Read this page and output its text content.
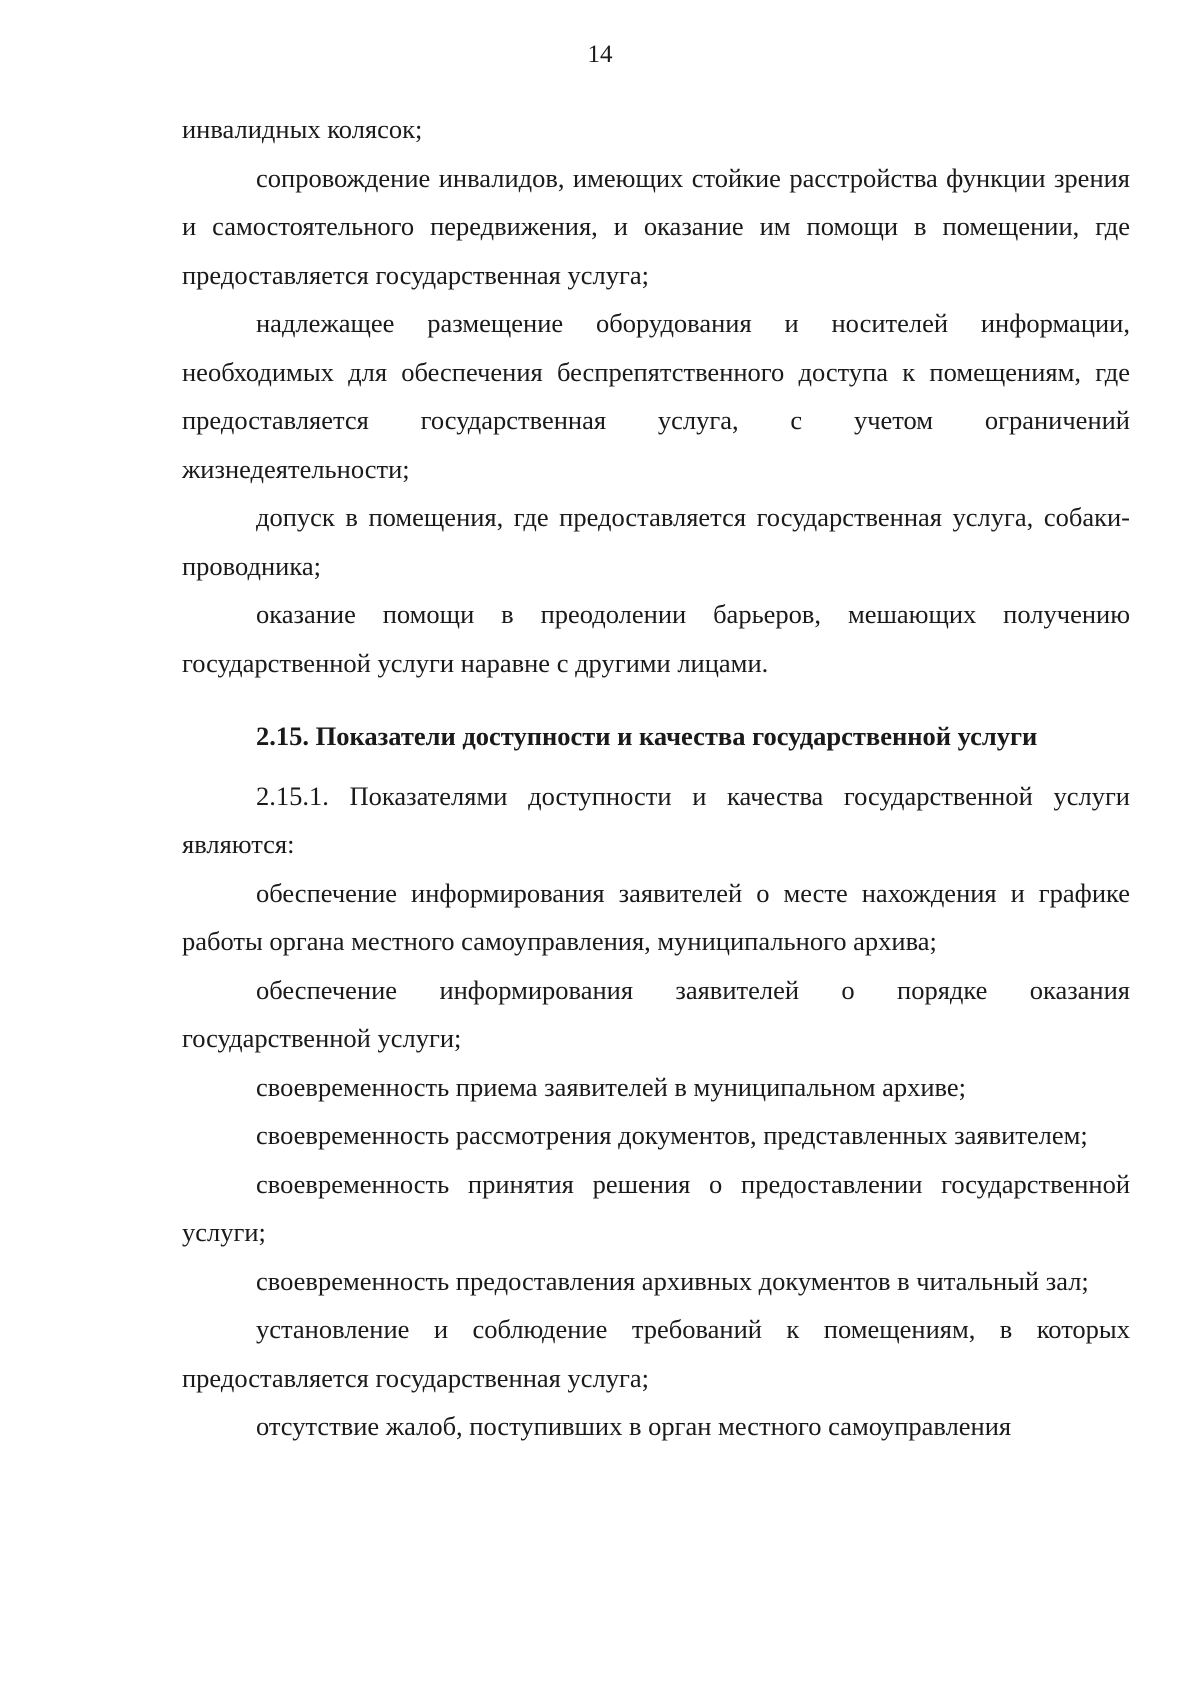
14

инвалидных колясок;

сопровождение инвалидов, имеющих стойкие расстройства функции зрения и самостоятельного передвижения, и оказание им помощи в помещении, где предоставляется государственная услуга;

надлежащее размещение оборудования и носителей информации, необходимых для обеспечения беспрепятственного доступа к помещениям, где предоставляется государственная услуга, с учетом ограничений жизнедеятельности;

допуск в помещения, где предоставляется государственная услуга, собаки-проводника;

оказание помощи в преодолении барьеров, мешающих получению государственной услуги наравне с другими лицами.

2.15. Показатели доступности и качества государственной услуги

2.15.1. Показателями доступности и качества государственной услуги являются:

обеспечение информирования заявителей о месте нахождения и графике работы органа местного самоуправления, муниципального архива;

обеспечение информирования заявителей о порядке оказания государственной услуги;

своевременность приема заявителей в муниципальном архиве;

своевременность рассмотрения документов, представленных заявителем;

своевременность принятия решения о предоставлении государственной услуги;

своевременность предоставления архивных документов в читальный зал;

установление и соблюдение требований к помещениям, в которых предоставляется государственная услуга;

отсутствие жалоб, поступивших в орган местного самоуправления
